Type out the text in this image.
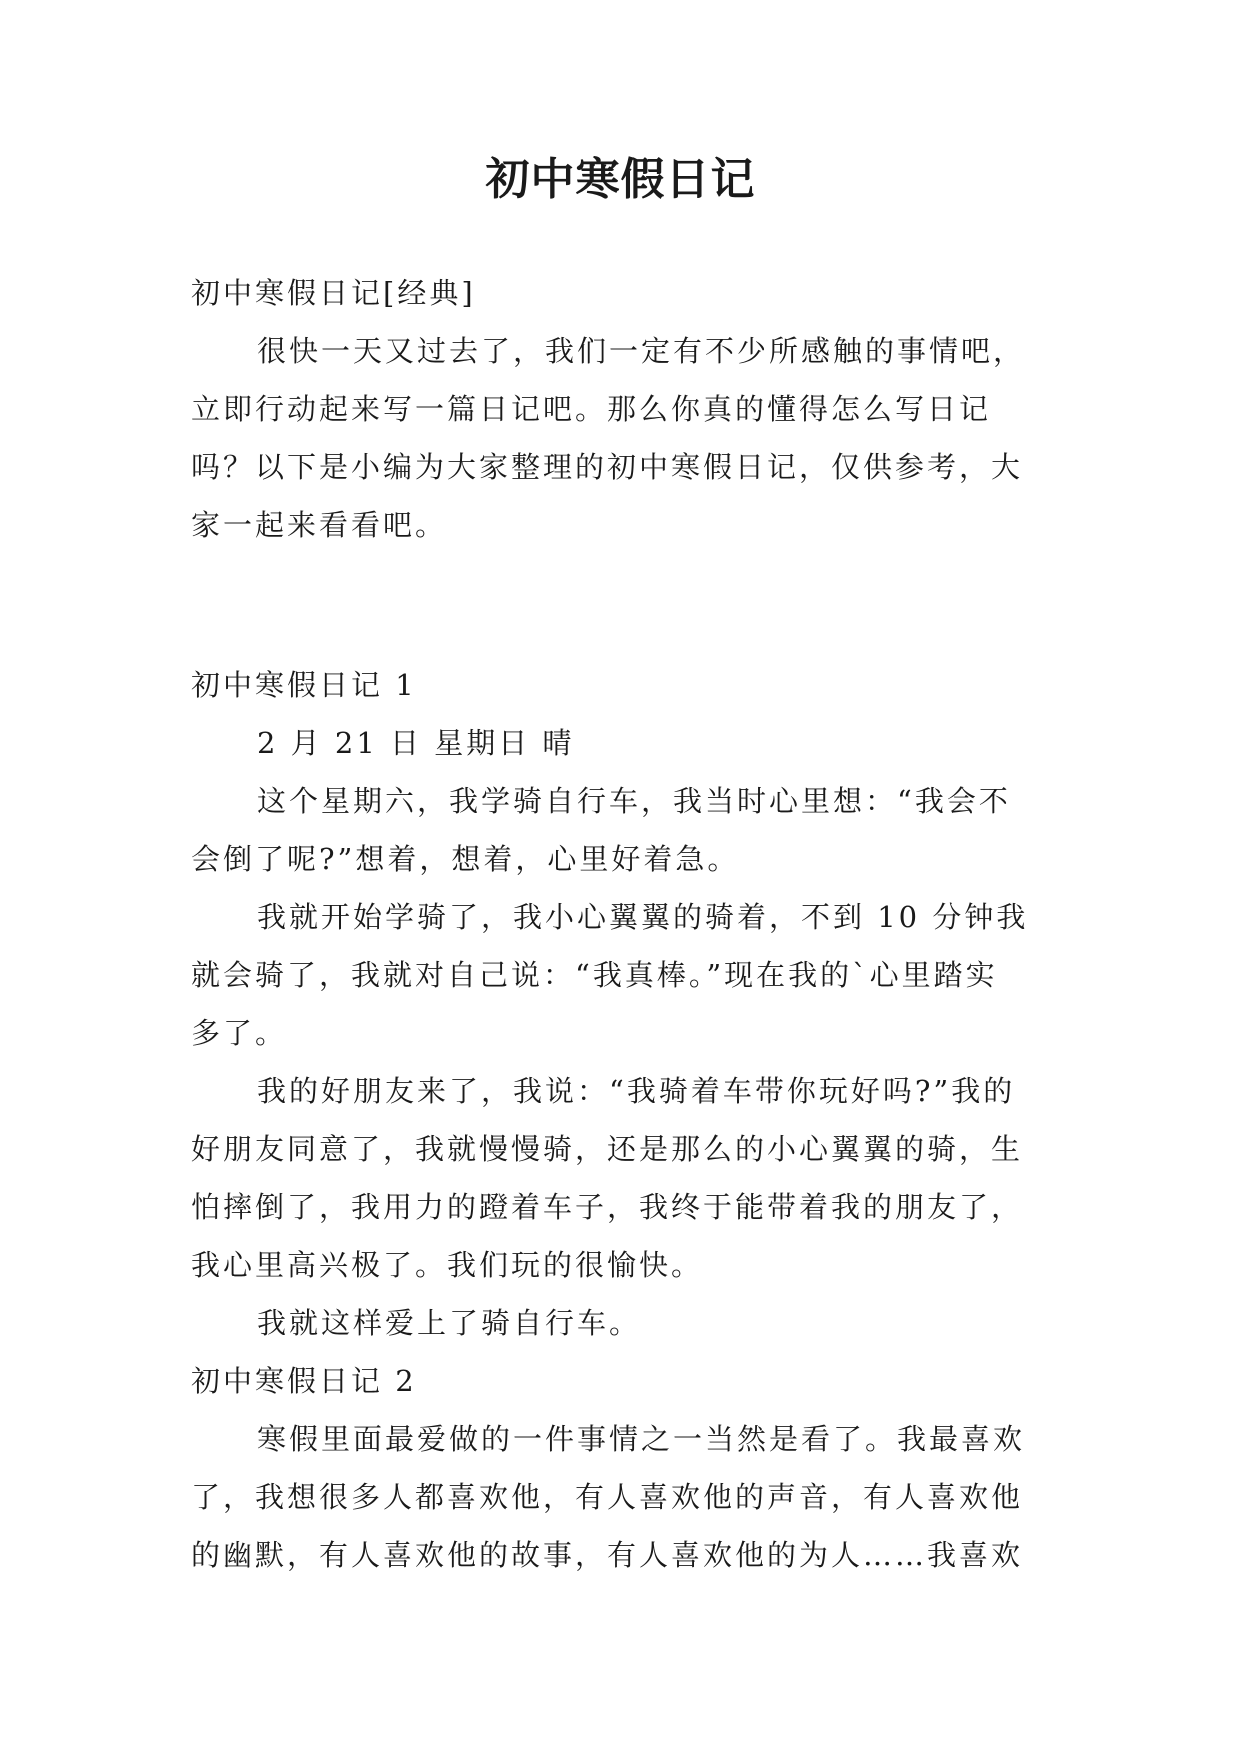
初中寒假日记
初中寒假日记[经典]
很快一天又过去了，我们一定有不少所感触的事情吧，
立即行动起来写一篇日记吧。那么你真的懂得怎么写日记
吗？以下是小编为大家整理的初中寒假日记，仅供参考，大
家一起来看看吧。
初中寒假日记 1
2 月 21 日 星期日 晴
这个星期六，我学骑自行车，我当时心里想：“我会不
会倒了呢?”想着，想着，心里好着急。
我就开始学骑了，我小心翼翼的骑着，不到 10 分钟我
就会骑了，我就对自己说：“我真棒。”现在我的`心里踏实
多了。
我的好朋友来了，我说：“我骑着车带你玩好吗?”我的
好朋友同意了，我就慢慢骑，还是那么的小心翼翼的骑，生
怕摔倒了，我用力的蹬着车子，我终于能带着我的朋友了，
我心里高兴极了。我们玩的很愉快。
我就这样爱上了骑自行车。
初中寒假日记 2
寒假里面最爱做的一件事情之一当然是看了。我最喜欢
了，我想很多人都喜欢他，有人喜欢他的声音，有人喜欢他
的幽默，有人喜欢他的故事，有人喜欢他的为人……我喜欢
